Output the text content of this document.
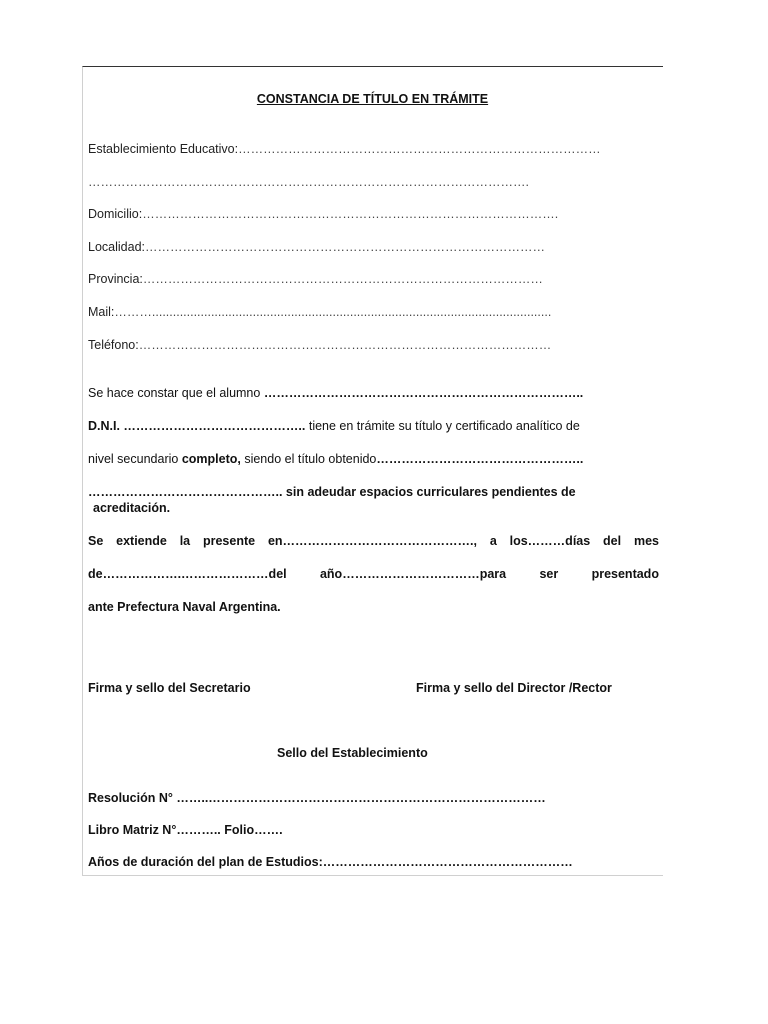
CONSTANCIA DE TÍTULO EN TRÁMITE
Establecimiento Educativo:……………………………………………………………………………
…………………………………………………………………………………………….
Domicilio:……………………………………………………………………………………….
Localidad:……………………………………………………………………………………
Provincia:……………………………………………………………………………………
Mail:………...................................................................................................................
Teléfono:………………………………………………………………………………………
Se hace constar que el alumno …………………………………………………………………..
D.N.I. …………………………………….. tiene en trámite su título y certificado analítico de
nivel secundario completo, siendo el título obtenido…………………………………………..
……………………………………….. sin adeudar espacios curriculares pendientes de
acreditación.
Se extiende la presente en………………………………………., a los………días del mes
de……………….…………………del	año……………………………para	ser	presentado
ante Prefectura Naval Argentina.
Firma y sello del Secretario	Firma y sello del Director /Rector
Sello del Establecimiento
Resolución N° ……..………………………………………………………………………
Libro Matriz N°……….. Folio…….
Años de duración del plan de Estudios:……………………………………………………
